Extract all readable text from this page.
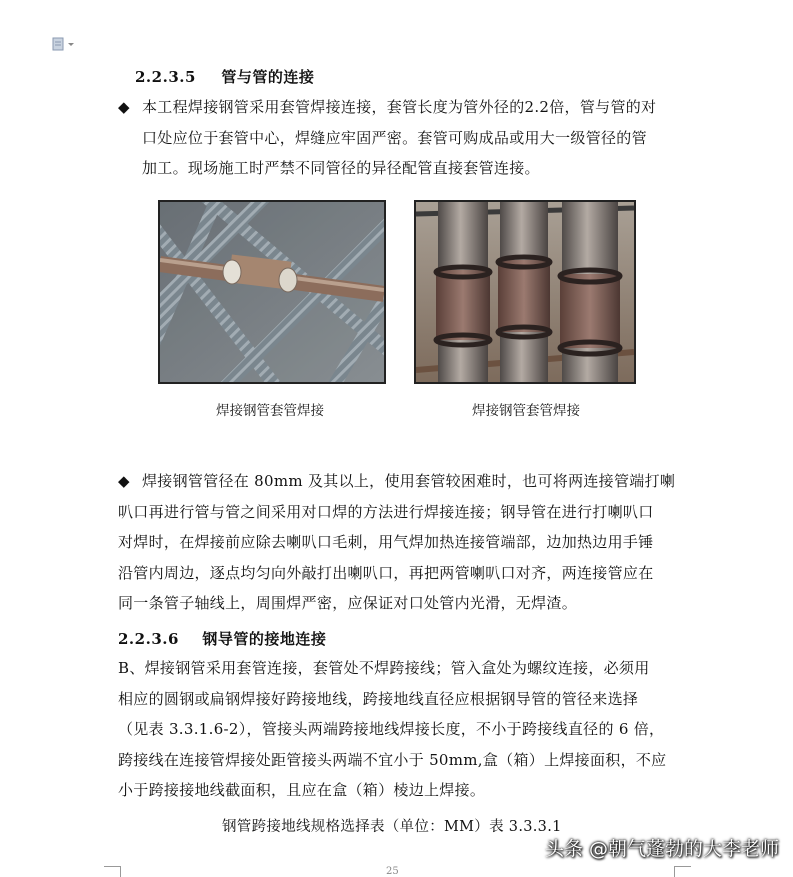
2.2.3.5 管与管的连接
◆ 本工程焊接钢管采用套管焊接连接，套管长度为管外径的2.2倍，管与管的对
口处应位于套管中心，焊缝应牢固严密。套管可购成品或用大一级管径的管
加工。现场施工时严禁不同管径的异径配管直接套管连接。
焊接钢管套管焊接	焊接钢管套管焊接
◆ 焊接钢管管径在 80mm 及其以上，使用套管较困难时，也可将两连接管端打喇
叭口再进行管与管之间采用对口焊的方法进行焊接连接；钢导管在进行打喇叭口
对焊时，在焊接前应除去喇叭口毛刺，用气焊加热连接管端部，边加热边用手锤
沿管内周边，逐点均匀向外敲打出喇叭口，再把两管喇叭口对齐，两连接管应在
同一条管子轴线上，周围焊严密，应保证对口处管内光滑，无焊渣。
2.2.3.6 钢导管的接地连接
B、焊接钢管采用套管连接，套管处不焊跨接线；管入盒处为螺纹连接，必须用
相应的圆钢或扁钢焊接好跨接地线，跨接地线直径应根据钢导管的管径来选择
（见表 3.3.1.6-2），管接头两端跨接地线焊接长度，不小于跨接线直径的 6 倍，
跨接线在连接管焊接处距管接头两端不宜小于 50mm,盒（箱）上焊接面积，不应
小于跨接接地线截面积，且应在盒（箱）棱边上焊接。
钢管跨接地线规格选择表（单位：MM）表 3.3.3.1
25
头条 @朝气蓬勃的大李老师
